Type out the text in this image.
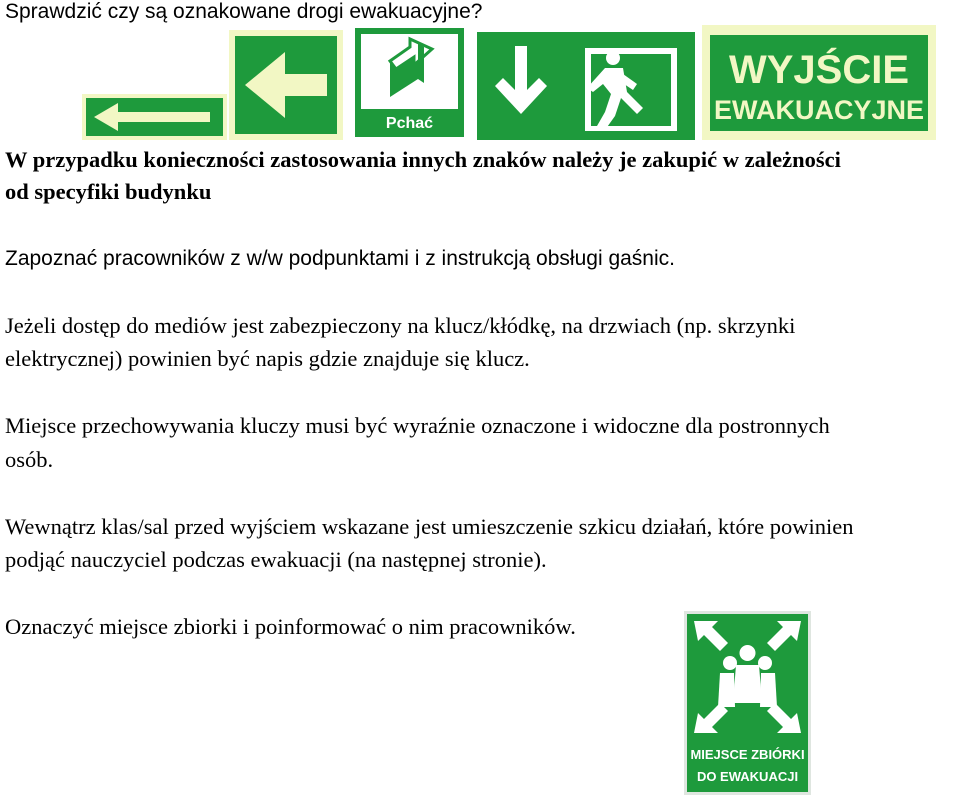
Sprawdzić czy są oznakowane drogi ewakuacyjne?

Pchać
WYJŚCIE
EWAKUACYJNE

W przypadku konieczności zastosowania innych znaków należy je zakupić w zależności

od specyfiki budynku

Zapoznać pracowników z w/w podpunktami i z instrukcją obsługi gaśnic.

Jeżeli dostęp do mediów jest zabezpieczony na klucz/kłódkę, na drzwiach (np. skrzynki

elektrycznej) powinien być napis gdzie znajduje się klucz.

Miejsce przechowywania kluczy musi być wyraźnie oznaczone i widoczne dla postronnych

osób.

Wewnątrz klas/sal przed wyjściem wskazane jest umieszczenie szkicu działań, które powinien

podjąć nauczyciel podczas ewakuacji (na następnej stronie).

Oznaczyć miejsce zbiorki i poinformować o nim pracowników.

MIEJSCE ZBIÓRKI
DO EWAKUACJI
